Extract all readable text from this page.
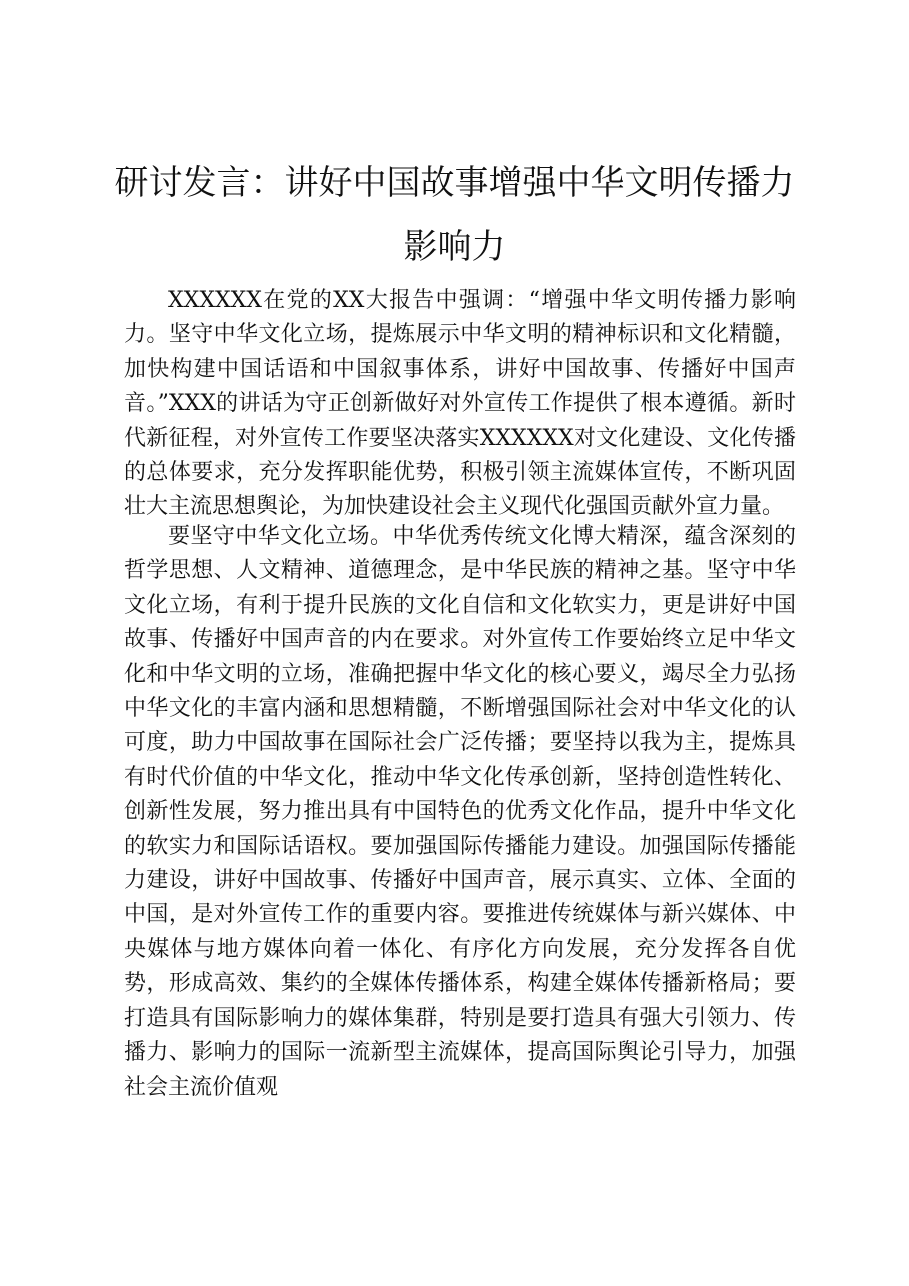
研讨发言：讲好中国故事增强中华文明传播力
影响力

XXXXXX在党的XX大报告中强调：“增强中华文明传播力影响力。坚守中华文化立场，提炼展示中华文明的精神标识和文化精髓，加快构建中国话语和中国叙事体系，讲好中国故事、传播好中国声音。”XXX的讲话为守正创新做好对外宣传工作提供了根本遵循。新时代新征程，对外宣传工作要坚决落实XXXXXX对文化建设、文化传播的总体要求，充分发挥职能优势，积极引领主流媒体宣传，不断巩固壮大主流思想舆论，为加快建设社会主义现代化强国贡献外宣力量。

要坚守中华文化立场。中华优秀传统文化博大精深，蕴含深刻的哲学思想、人文精神、道德理念，是中华民族的精神之基。坚守中华文化立场，有利于提升民族的文化自信和文化软实力，更是讲好中国故事、传播好中国声音的内在要求。对外宣传工作要始终立足中华文化和中华文明的立场，准确把握中华文化的核心要义，竭尽全力弘扬中华文化的丰富内涵和思想精髓，不断增强国际社会对中华文化的认可度，助力中国故事在国际社会广泛传播；要坚持以我为主，提炼具有时代价值的中华文化，推动中华文化传承创新，坚持创造性转化、创新性发展，努力推出具有中国特色的优秀文化作品，提升中华文化的软实力和国际话语权。要加强国际传播能力建设。加强国际传播能力建设，讲好中国故事、传播好中国声音，展示真实、立体、全面的中国，是对外宣传工作的重要内容。要推进传统媒体与新兴媒体、中央媒体与地方媒体向着一体化、有序化方向发展，充分发挥各自优势，形成高效、集约的全媒体传播体系，构建全媒体传播新格局；要打造具有国际影响力的媒体集群，特别是要打造具有强大引领力、传播力、影响力的国际一流新型主流媒体，提高国际舆论引导力，加强社会主流价值观
